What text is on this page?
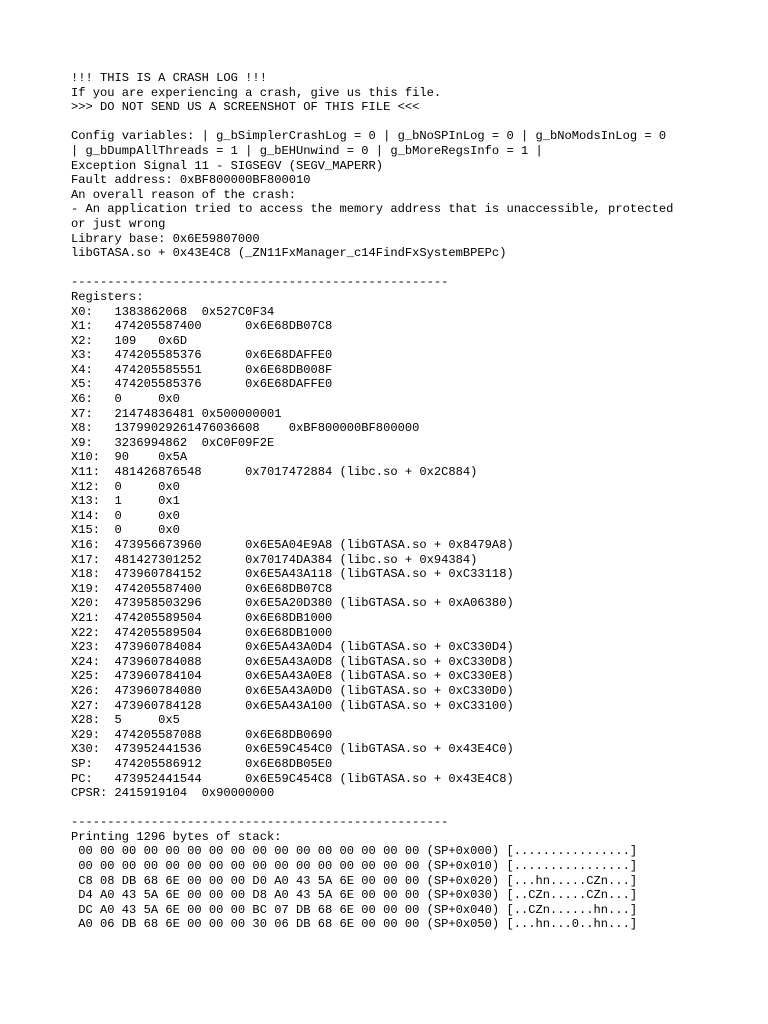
!!! THIS IS A CRASH LOG !!!
If you are experiencing a crash, give us this file.
>>> DO NOT SEND US A SCREENSHOT OF THIS FILE <<<
Config variables: | g_bSimplerCrashLog = 0 | g_bNoSPInLog = 0 | g_bNoModsInLog = 0
| g_bDumpAllThreads = 1 | g_bEHUnwind = 0 | g_bMoreRegsInfo = 1 |
Exception Signal 11 - SIGSEGV (SEGV_MAPERR)
Fault address: 0xBF800000BF800010
An overall reason of the crash:
- An application tried to access the memory address that is unaccessible, protected
or just wrong
Library base: 0x6E59807000
libGTASA.so + 0x43E4C8 (_ZN11FxManager_c14FindFxSystemBPEPc)
----------------------------------------------------
Registers:
X0:   1383862068  0x527C0F34
X1:   474205587400      0x6E68DB07C8
X2:   109   0x6D
X3:   474205585376      0x6E68DAFFE0
X4:   474205585551      0x6E68DB008F
X5:   474205585376      0x6E68DAFFE0
X6:   0     0x0
X7:   21474836481 0x500000001
X8:   13799029261476036608    0xBF800000BF800000
X9:   3236994862  0xC0F09F2E
X10:  90    0x5A
X11:  481426876548      0x7017472884 (libc.so + 0x2C884)
X12:  0     0x0
X13:  1     0x1
X14:  0     0x0
X15:  0     0x0
X16:  473956673960      0x6E5A04E9A8 (libGTASA.so + 0x8479A8)
X17:  481427301252      0x70174DA384 (libc.so + 0x94384)
X18:  473960784152      0x6E5A43A118 (libGTASA.so + 0xC33118)
X19:  474205587400      0x6E68DB07C8
X20:  473958503296      0x6E5A20D380 (libGTASA.so + 0xA06380)
X21:  474205589504      0x6E68DB1000
X22:  474205589504      0x6E68DB1000
X23:  473960784084      0x6E5A43A0D4 (libGTASA.so + 0xC330D4)
X24:  473960784088      0x6E5A43A0D8 (libGTASA.so + 0xC330D8)
X25:  473960784104      0x6E5A43A0E8 (libGTASA.so + 0xC330E8)
X26:  473960784080      0x6E5A43A0D0 (libGTASA.so + 0xC330D0)
X27:  473960784128      0x6E5A43A100 (libGTASA.so + 0xC33100)
X28:  5     0x5
X29:  474205587088      0x6E68DB0690
X30:  473952441536      0x6E59C454C0 (libGTASA.so + 0x43E4C0)
SP:   474205586912      0x6E68DB05E0
PC:   473952441544      0x6E59C454C8 (libGTASA.so + 0x43E4C8)
CPSR: 2415919104  0x90000000
----------------------------------------------------
Printing 1296 bytes of stack:
00 00 00 00 00 00 00 00 00 00 00 00 00 00 00 00 (SP+0x000) [................]
00 00 00 00 00 00 00 00 00 00 00 00 00 00 00 00 (SP+0x010) [................]
C8 08 DB 68 6E 00 00 00 D0 A0 43 5A 6E 00 00 00 (SP+0x020) [...hn.....CZn...]
D4 A0 43 5A 6E 00 00 00 D8 A0 43 5A 6E 00 00 00 (SP+0x030) [..CZn.....CZn...]
DC A0 43 5A 6E 00 00 00 BC 07 DB 68 6E 00 00 00 (SP+0x040) [..CZn......hn...]
A0 06 DB 68 6E 00 00 00 30 06 DB 68 6E 00 00 00 (SP+0x050) [...hn...0..hn...]
